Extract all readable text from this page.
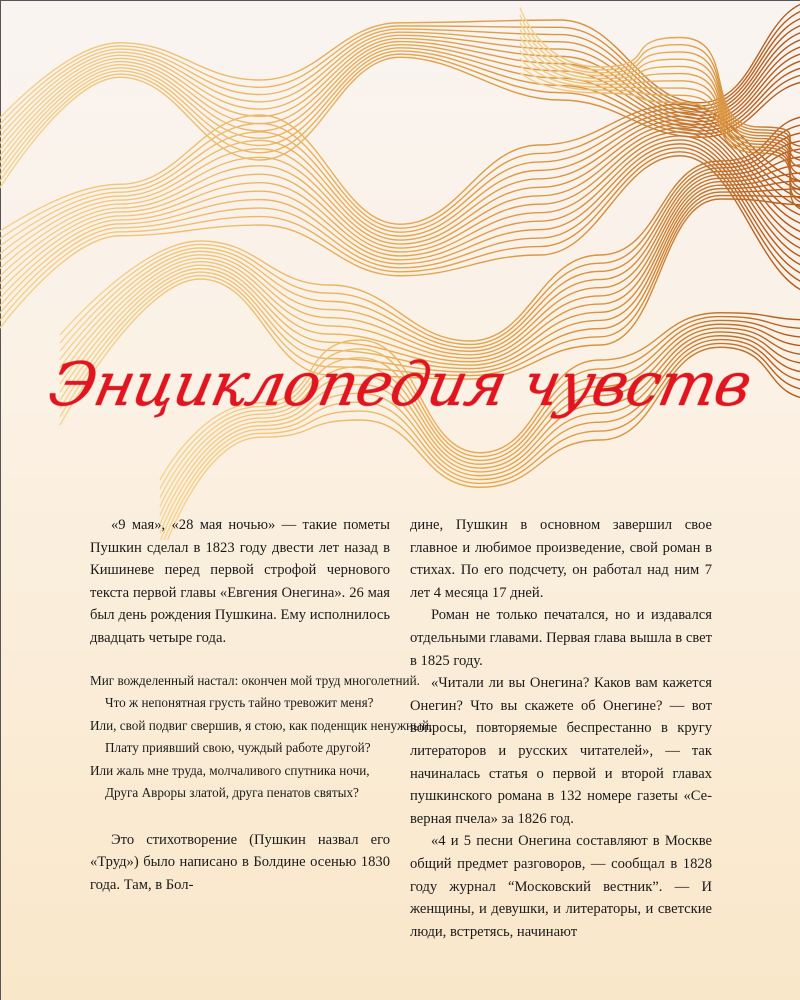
Энциклопедия чувств

«9 мая», «28 мая ночью» — такие пометы Пушкин сделал в 1823 году двести лет назад в Кишиневе перед первой строфой чернового текста первой главы «Евгения Онегина». 26 мая был день рождения Пушкина. Ему исполнилось двадцать четыре года.

Миг вожделенный настал: окончен мой труд многолетний.
Что ж непонятная грусть тайно тревожит меня?
Или, свой подвиг свершив, я стою, как поденщик ненужный,
Плату приявший свою, чуждый работе другой?
Или жаль мне труда, молчаливого спутника ночи,
Друга Авроры златой, друга пенатов святых?

Это стихотворение (Пушкин назвал его «Труд») было написано в Болдине осенью 1830 года. Там, в Бол-

дине, Пушкин в основном завершил свое главное и любимое произведение, свой роман в стихах. По его подсчету, он работал над ним 7 лет 4 месяца 17 дней.

Роман не только печатался, но и издавался отдельными главами. Первая глава вышла в свет в 1825 году.

«Читали ли вы Онегина? Каков вам кажется Онегин? Что вы скажете об Онегине? — вот вопросы, повторяемые беспрестанно в кругу литераторов и русских читателей», — так начиналась статья о первой и второй главах пушкинского романа в 132 номере газеты «Северная пчела» за 1826 год.

«4 и 5 песни Онегина составляют в Москве общий предмет разговоров, — сообщал в 1828 году журнал “Московский вестник”. — И женщины, и девушки, и литераторы, и светские люди, встретясь, начинают
